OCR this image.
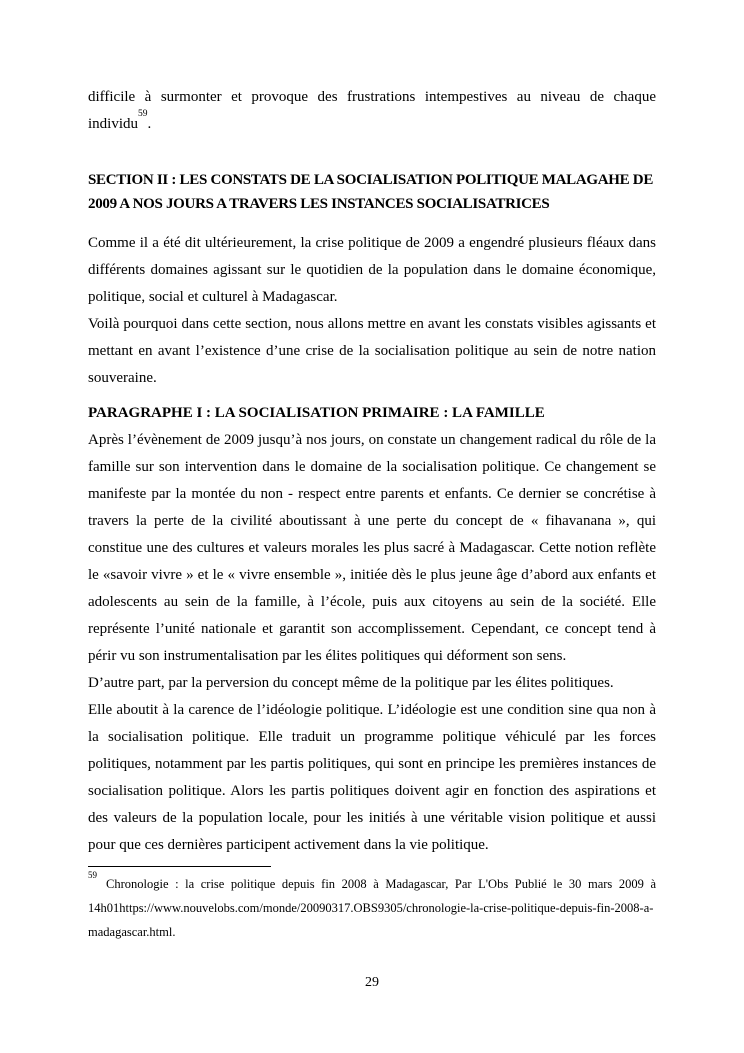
difficile à surmonter et provoque des frustrations intempestives au niveau de chaque individu$^{59}$.

SECTION II : LES CONSTATS DE LA SOCIALISATION POLITIQUE MALAGAHE DE 2009 A NOS JOURS A TRAVERS LES INSTANCES SOCIALISATRICES

Comme il a été dit ultérieurement, la crise politique de 2009 a engendré plusieurs fléaux dans différents domaines agissant sur le quotidien de la population dans le domaine économique, politique, social et culturel à Madagascar.

Voilà pourquoi dans cette section, nous allons mettre en avant les constats visibles agissants et mettant en avant l’existence d’une crise de la socialisation politique au sein de notre nation souveraine.

PARAGRAPHE I : LA SOCIALISATION PRIMAIRE : LA FAMILLE

Après l’évènement de 2009 jusqu’à nos jours, on constate un changement radical du rôle de la famille sur son intervention dans le domaine de la socialisation politique. Ce changement se manifeste par la montée du non - respect entre parents et enfants. Ce dernier se concrétise à travers la perte de la civilité aboutissant à une perte du concept de « fihavanana », qui constitue une des cultures et valeurs morales les plus sacré à Madagascar. Cette notion reflète le «savoir vivre » et le « vivre ensemble », initiée dès le plus jeune âge d’abord aux enfants et adolescents au sein de la famille, à l’école, puis aux citoyens au sein de la société. Elle représente l’unité nationale et garantit son accomplissement. Cependant, ce concept tend à périr vu son instrumentalisation par les élites politiques qui déforment son sens.

D’autre part, par la perversion du concept même de la politique par les élites politiques.

Elle aboutit à la carence de l’idéologie politique. L’idéologie est une condition sine qua non à la socialisation politique. Elle traduit un programme politique véhiculé par les forces politiques, notamment par les partis politiques, qui sont en principe les premières instances de socialisation politique. Alors les partis politiques doivent agir en fonction des aspirations et des valeurs de la population locale, pour les initiés à une véritable vision politique et aussi pour que ces dernières participent activement dans la vie politique.

$^{59}$Chronologie : la crise politique depuis fin 2008 à Madagascar, Par L'Obs Publié le 30 mars 2009 à 14h01https://www.nouvelobs.com/monde/20090317.OBS9305/chronologie-la-crise-politique-depuis-fin-2008-a-madagascar.html.

29
